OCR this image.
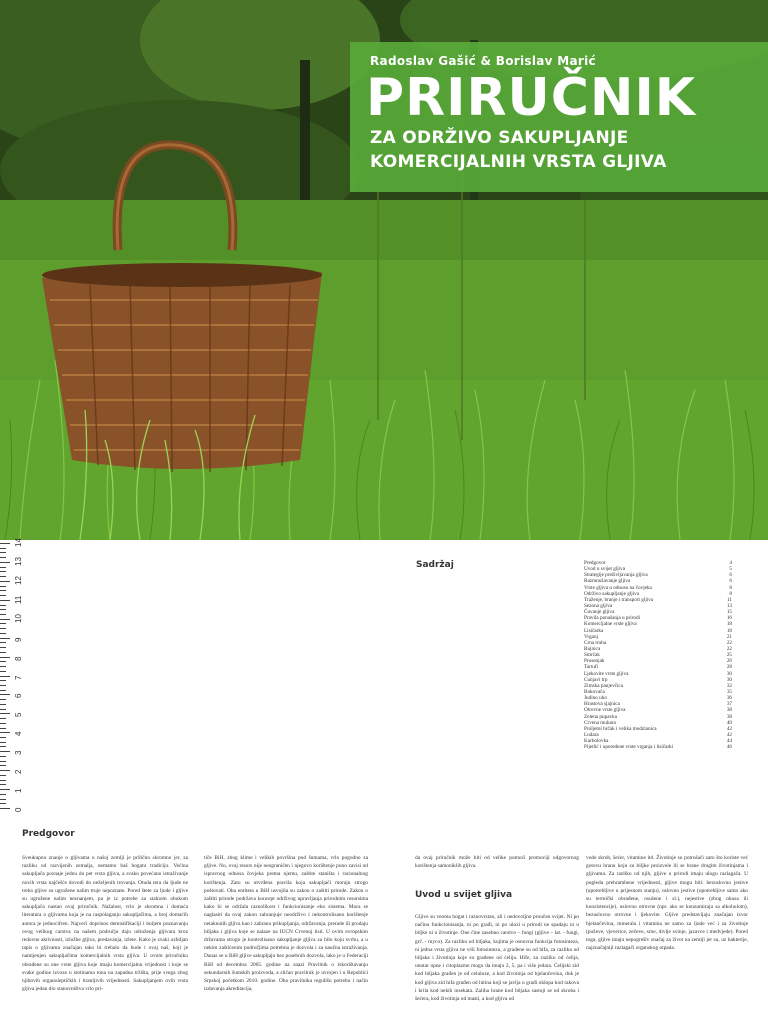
Radoslav Gašić & Borislav Marić
PRIRUČNIK
ZA ODRŽIVO SAKUPLJANJE
KOMERCIJALNIH VRSTA GLJIVA
0
1
2
3
4
5
6
7
8
9
10
11
12
13
14
Sadržaj	Predgovor	4
Uvod u svijet gljiva	5
Strategije preživljavanja gljiva	6
Razmnožavanje gljiva	6
Vrste gljiva u odnosu na čovjeka	8
Održivo sakupljanje gljiva	8
Traženje, branje i transport gljiva	11
Sezona gljiva	13
Čuvanje gljiva	15
Pravila ponašanja u prirodi	16
Komercijalne vrste gljiva	18
Lisičarka	18
Vrganj	21
Crna truba	22
Rujnica	22
Smrčak	25
Prosenjak	26
Tartufi	28
Ljekovite vrste gljiva	30
Cunjavi trp	30
Zimska panjevčica	32
Bukovača	35
Judino uho	36
Hrastova sjajnica	37
Otrovne vrste gljiva	38
Zelena pupavka	38
Crvena muhara	40
Proljetni hrčak i velika modzlanica	42
Ludara	42
Karbolovka	44
Pijetlić i uporedene vrste vrganja i lisičarki	46
Predgovor

Sveukupno znanje o gljivama u našoj zemlji je prilično skromno jer, za razliku od razvijenih zemalja, nemamo baš bogatu tradiciju. Većina sakupljača poznaje jednu do pet vrsta gljiva, a svako povećano istraživanje novih vrsta najčešće dovodi do neželjenih trovanja. Otuda tera da ljude ne treba gljive su ugrožene nalim truje nepoznate. Pored štete za ljude i gljive su ugrožene nalim neznanjem, pa je iz potrebe za stalnom obukom sakupljača nastao ovaj priručnik. Nažalost, vrlo je skromna i domaća literatura o gljivama koja je na raspolaganju sakupljačima, a broj domaćih autora je jednocifren. Najveći doprinos demistifikaciji i boljem poznavanju ovog velikog carstva na našem području daju udruženja gljivara kroz redovne aktivnosti, izložbe gljiva, predavanja, izlete. Kako je svaki ozbiljan tapis o gljivama značajan tako bi trebalo da bude i ovaj naš, koji je namijenjen sakupljačima komercijalnih vrsta gljiva. U ovom priručniku obrađene su one vrste gljiva koje imaju komercijalnu vrijednost i koje se svake godine izvoze u stotinama tona na zapadna tržišta, prije svega zbog njihovih organoleptičkih i hranljivih vrijednosti. Sakupljanjem ovih vrsta gljiva jedan dio stanovništva vrlo pri-

tiče BiH, zbog klime i velikih površina pod šumama, vrlo pogodno za gljive. No, ovaj resurs nije neograničen i njegovo korištenje puno zavisi od ispravnog odnosa čovjeka prema njemu, zaštite staništa i racionalnog korištenja. Zato su utvrđena pravila koja sakupljači moraju strogo poštovati. Oba entiteta u BiH usvojila su zakon o zaštiti prirode. Zakon o zaštiti prirode podržava koncept održivog upravljanja prirodnim resursima kako bi se održala raznolikost i funkcionisanje eko sistema. Mora se naglasiti da ovaj zakon zabranjuje neodrživo i nekontrolisano korištenje netaknutih gljiva kao i zabranu prikupljanja, održavanja, prerade ili prodaju biljaka i gljiva koje se nalaze na IUCN Crvenoj listi. U ovim evropskim državama strogo je kontrolisano sakupljanje gljiva za bilo koju svrhu, a u nekim zaštićenim područjima potrebna je dozvola i za naučna istraživanja. Danas se u BiH gljive sakupljaju bez posebnih dozvola, iako je u Federaciji BiH od decembra 2005. godine na snazi Pravilnik o iskorištavanju sekundarnih šumskih proizvoda, a sličan pravilnik je uvrojen i u Republici Srpskoj početkom 2010. godine. Oba pravilnika regulišu potrebu i način izdavanja akreditacija,

da ovaj priručnik može biti od velike pomoći promociji odgovornog korištenja samoniklih gljiva.

Uvod u svijet gljiva

Gljive su veoma bogat i raznovrstan, ali i nedovoljno proučen svijet. Ni po načinu funkcionisanja, ni po građi, ni po ulozi u prirodi ne spadaju ni u biljke ni u životinje. One čine zasebno carstvo – fungi (gljive – lat. - fungi, grč. - myco). Za razliku od biljaka, kojima je osnovna funkcija fotosinteza, ni jedna vrsta gljiva ne vrši fotosintezu, a građene su od hifa, za razliku od biljaka i životinja koje su građene od ćelija. Hife, za razliku od ćelija, unutar opne i citoplazme mogu da imaju 2, 5, pa i više jedara. Ćelijski zid kod biljaka građen je od celuloze, a kod životinja od bjelančevina, dok je kod gljiva zid hifa građen od hitina koji se javlja u građi oklopa kod rakova i krila kod nekih insekata. Zaliha hrane kod biljaka sastoji se od skroba i šećera, kod životinja od masti, a kod gljiva od

vode skrob, šećer, vitamine itd. Životinje su potrošači zato što koriste već gotovu hranu koju su biljke proizvele ili se hrane drugim životinjama i gljivama. Za razliku od njih, gljive u prirodi imaju ulogu razlagača. U pogledu prehrambene vrijednosti, gljive mogu biti: bezuslovno jestive (upotrebljive u prijesnom stanju), uslovno jestive (upotrebljive samo ako su termički obrađene, osušene i sl.), nejestive (zbog okusa ili konzistencije), uslovno otrovne (npr. ako se konzumiraju sa alkoholom), bezuslovno otrovne i ljekovite. Gljive predstavljaju značajan izvor bjelančevina, minerala i vitamina ne samo za ljude već i za životinje (puževe, vjeverice, zečeve, srne, divlje svinje, jazavce i medvjede). Pored toga, gljive imaju nepogrešiv značaj za život na zemlji jer su, uz bakterije, najznačajniji razlagači organskog otpada.
